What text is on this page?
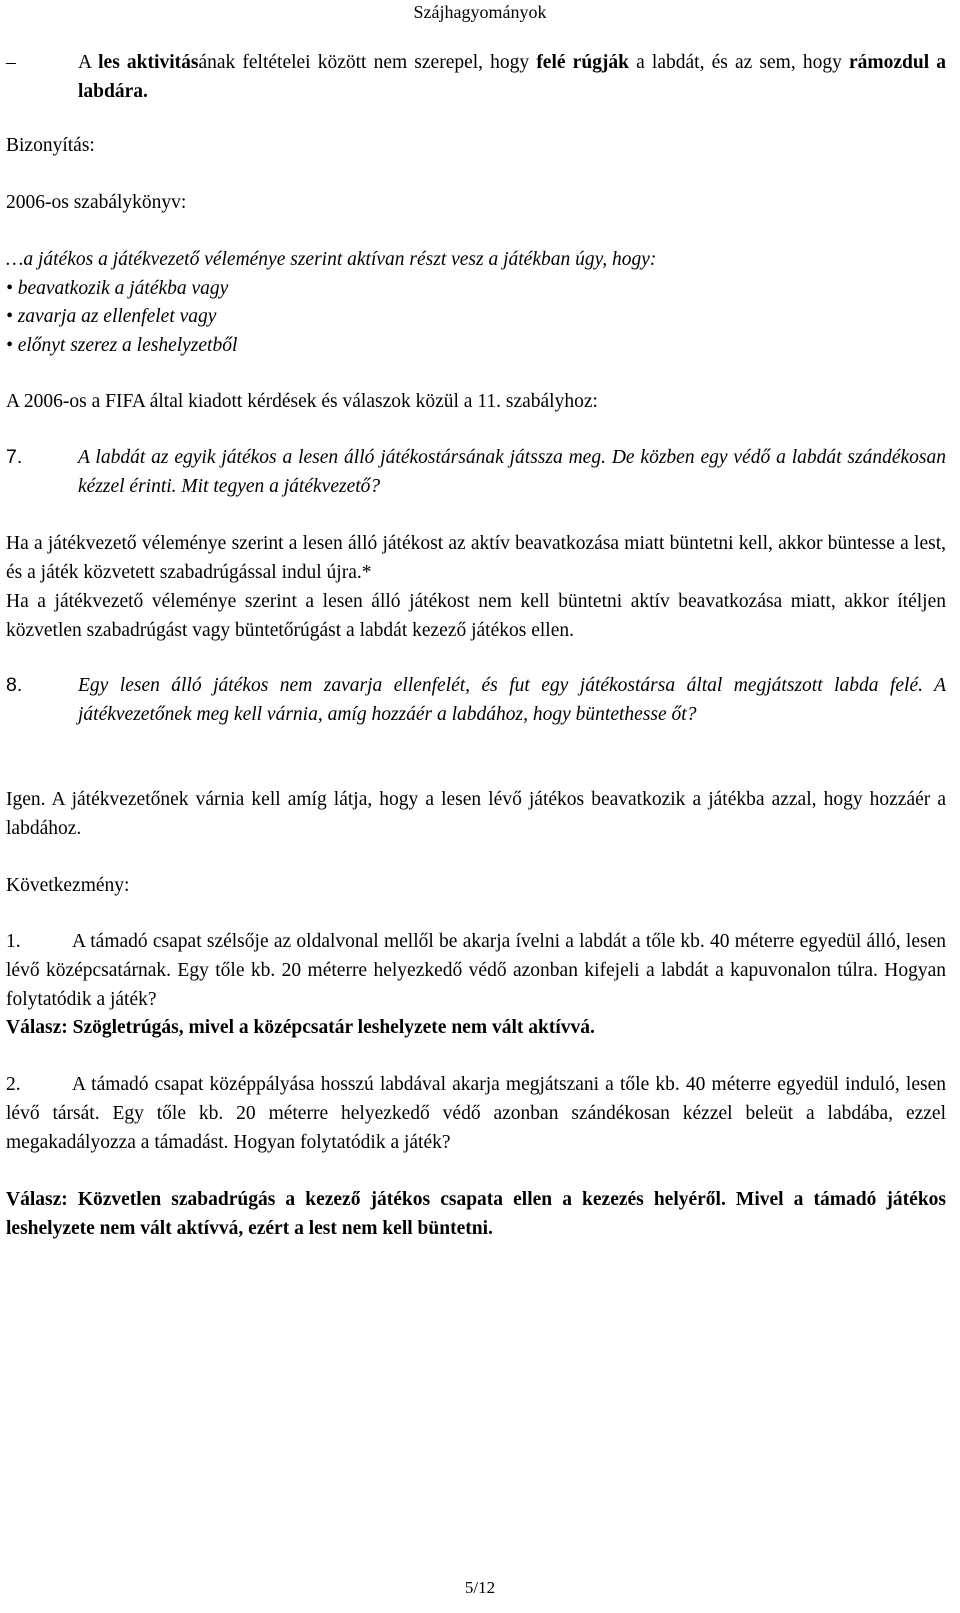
Szájhagyományok
–	A les aktivitásának feltételei között nem szerepel, hogy felé rúgják a labdát, és az sem, hogy rámozdul a labdára.
Bizonyítás:
2006-os szabálykönyv:
…a játékos a játékvezető véleménye szerint aktívan részt vesz a játékban úgy, hogy:
• beavatkozik a játékba vagy
• zavarja az ellenfelet vagy
• előnyt szerez a leshelyzetből
A 2006-os a FIFA által kiadott kérdések és válaszok közül a 11. szabályhoz:
7.	A labdát az egyik játékos a lesen álló játékostársának játssza meg. De közben egy védő a labdát szándékosan kézzel érinti. Mit tegyen a játékvezető?
Ha a játékvezető véleménye szerint a lesen álló játékost az aktív beavatkozása miatt büntetni kell, akkor büntesse a lest, és a játék közvetett szabadrúgással indul újra.*
Ha a játékvezető véleménye szerint a lesen álló játékost nem kell büntetni aktív beavatkozása miatt, akkor ítéljen közvetlen szabadrúgást vagy büntetőrúgást a labdát kezező játékos ellen.
8.	Egy lesen álló játékos nem zavarja ellenfelét, és fut egy játékostársa által megjátszott labda felé. A játékvezetőnek meg kell várnia, amíg hozzáér a labdához, hogy büntethesse őt?
Igen. A játékvezetőnek várnia kell amíg látja, hogy a lesen lévő játékos beavatkozik a játékba azzal, hogy hozzáér a labdához.
Következmény:
1.	A támadó csapat szélsője az oldalvonal mellől be akarja ívelni a labdát a tőle kb. 40 méterre egyedül álló, lesen lévő középcsatárnak. Egy tőle kb. 20 méterre helyezkedő védő azonban kifejeli a labdát a kapuvonalon túlra. Hogyan folytatódik a játék?
Válasz: Szögletrúgás, mivel a középcsatár leshelyzete nem vált aktívvá.
2.	A támadó csapat középpályása hosszú labdával akarja megjátszani a tőle kb. 40 méterre egyedül induló, lesen lévő társát. Egy tőle kb. 20 méterre helyezkedő védő azonban szándékosan kézzel beleüt a labdába, ezzel megakadályozza a támadást. Hogyan folytatódik a játék?
Válasz: Közvetlen szabadrúgás a kezező játékos csapata ellen a kezezés helyéről. Mivel a támadó játékos leshelyzete nem vált aktívvá, ezért a lest nem kell büntetni.
5/12
